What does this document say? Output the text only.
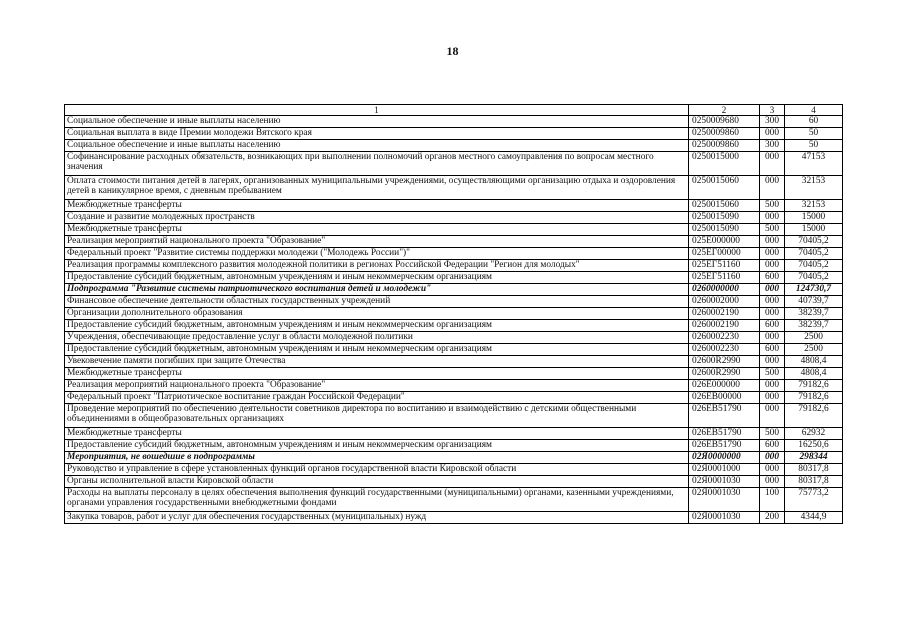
18
1	2	3	4
Социальное обеспечение и иные выплаты населению	0250009680	300	60
Социальная выплата в виде Премии молодежи Вятского края	0250009860	000	50
Социальное обеспечение и иные выплаты населению	0250009860	300	50
Софинансирование расходных обязательств, возникающих при выполнении полномочий органов местного самоуправления по вопросам местного значения	0250015000	000	47153
Оплата стоимости питания детей в лагерях, организованных муниципальными учреждениями, осуществляющими организацию отдыха и оздоровления детей в каникулярное время, с дневным пребыванием	0250015060	000	32153
Межбюджетные трансферты	0250015060	500	32153
Создание и развитие молодежных пространств	0250015090	000	15000
Межбюджетные трансферты	0250015090	500	15000
Реализация мероприятий национального проекта "Образование"	025E000000	000	70405,2
Федеральный проект "Развитие системы поддержки молодежи ("Молодежь России")"	025ЕГ00000	000	70405,2
Реализация программы комплексного развития молодежной политики в регионах Российской Федерации "Регион для молодых"	025ЕГ51160	000	70405,2
Предоставление субсидий бюджетным, автономным учреждениям и иным некоммерческим организациям	025ЕГ51160	600	70405,2
Подпрограмма "Развитие системы патриотического воспитания детей и молодежи"	0260000000	000	124730,7
Финансовое обеспечение деятельности областных государственных учреждений	0260002000	000	40739,7
Организации дополнительного образования	0260002190	000	38239,7
Предоставление субсидий бюджетным, автономным учреждениям и иным некоммерческим организациям	0260002190	600	38239,7
Учреждения, обеспечивающие предоставление услуг в области молодежной политики	0260002230	000	2500
Предоставление субсидий бюджетным, автономным учреждениям и иным некоммерческим организациям	0260002230	600	2500
Увековечение памяти погибших при защите Отечества	02600R2990	000	4808,4
Межбюджетные трансферты	02600R2990	500	4808,4
Реализация мероприятий национального проекта "Образование"	026E000000	000	79182,6
Федеральный проект "Патриотическое воспитание граждан Российской Федерации"	026EB00000	000	79182,6
Проведение мероприятий по обеспечению деятельности советников директора по воспитанию и взаимодействию с детскими общественными объединениями в общеобразовательных организациях	026EB51790	000	79182,6
Межбюджетные трансферты	026EB51790	500	62932
Предоставление субсидий бюджетным, автономным учреждениям и иным некоммерческим организациям	026EB51790	600	16250,6
Мероприятия, не вошедшие в подпрограммы	02Я0000000	000	298344
Руководство и управление в сфере установленных функций органов государственной власти Кировской области	02Я0001000	000	80317,8
Органы исполнительной власти Кировской области	02Я0001030	000	80317,8
Расходы на выплаты персоналу в целях обеспечения выполнения функций государственными (муниципальными) органами, казенными учреждениями, органами управления государственными внебюджетными фондами	02Я0001030	100	75773,2
Закупка товаров, работ и услуг для обеспечения государственных (муниципальных) нужд	02Я0001030	200	4344,9
